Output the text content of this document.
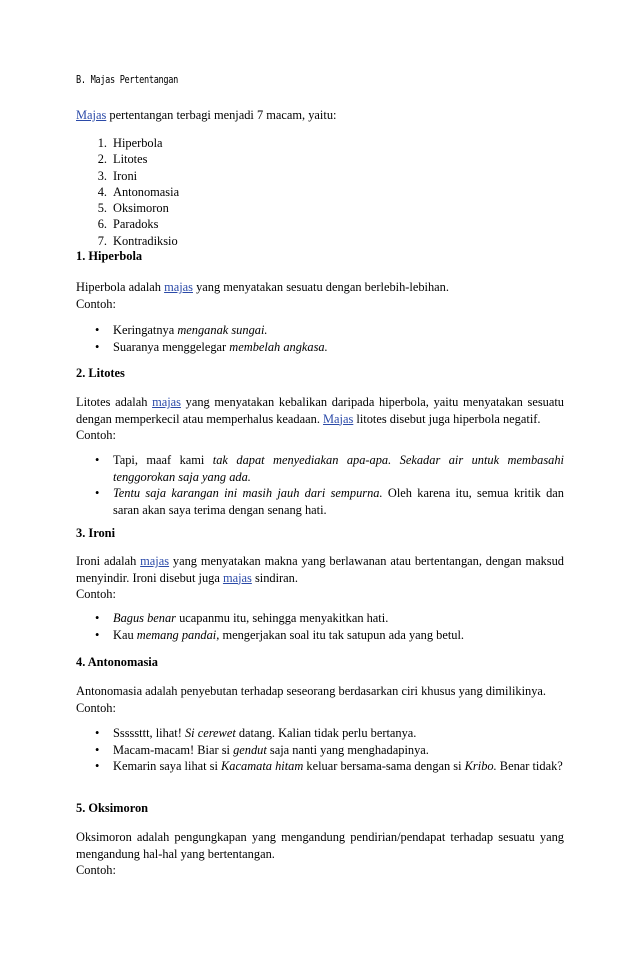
B. Majas Pertentangan
Majas pertentangan terbagi menjadi 7 macam, yaitu:
1. Hiperbola
2. Litotes
3. Ironi
4. Antonomasia
5. Oksimoron
6. Paradoks
7. Kontradiksio
1. Hiperbola
Hiperbola adalah majas yang menyatakan sesuatu dengan berlebih-lebihan.
Contoh:
• Keringatnya menganak sungai.
• Suaranya menggelegar membelah angkasa.
2. Litotes
Litotes adalah majas yang menyatakan kebalikan daripada hiperbola, yaitu menyatakan sesuatu dengan memperkecil atau memperhalus keadaan. Majas litotes disebut juga hiperbola negatif.
Contoh:
• Tapi, maaf kami tak dapat menyediakan apa-apa. Sekadar air untuk membasahi tenggorokan saja yang ada.
• Tentu saja karangan ini masih jauh dari sempurna. Oleh karena itu, semua kritik dan saran akan saya terima dengan senang hati.
3. Ironi
Ironi adalah majas yang menyatakan makna yang berlawanan atau bertentangan, dengan maksud menyindir. Ironi disebut juga majas sindiran.
Contoh:
• Bagus benar ucapanmu itu, sehingga menyakitkan hati.
• Kau memang pandai, mengerjakan soal itu tak satupun ada yang betul.
4. Antonomasia
Antonomasia adalah penyebutan terhadap seseorang berdasarkan ciri khusus yang dimilikinya.
Contoh:
• Sssssttt, lihat! Si cerewet datang. Kalian tidak perlu bertanya.
• Macam-macam! Biar si gendut saja nanti yang menghadapinya.
• Kemarin saya lihat si Kacamata hitam keluar bersama-sama dengan si Kribo. Benar tidak?
5. Oksimoron
Oksimoron adalah pengungkapan yang mengandung pendirian/pendapat terhadap sesuatu yang mengandung hal-hal yang bertentangan.
Contoh:
